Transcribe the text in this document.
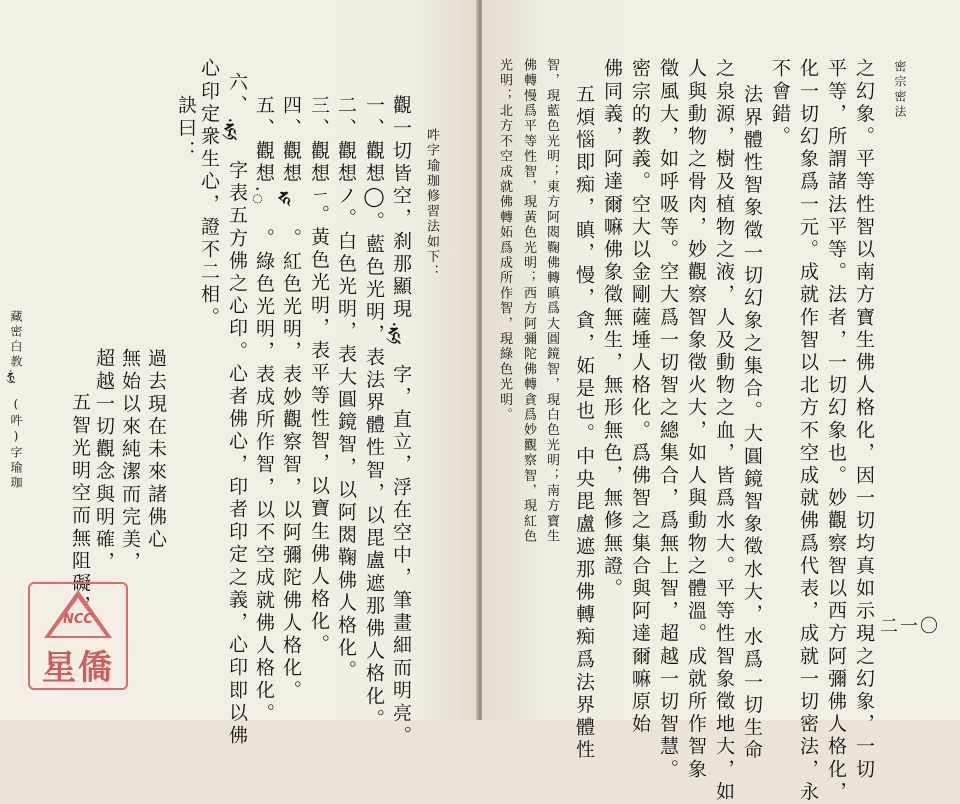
藏密白教𑖮𑖳𑖽(吽)字瑜珈 五智光明空而無阻礙， 超越一切觀念與明確， 無始以來純潔而完美， 過去現在未來諸佛心
訣曰： 心印定衆生心，證不二相。 六、𑖮𑖳𑖽字表五方佛之心印。心者佛心，印者印定之義，心印即以佛 五、觀想𑖽。綠色光明，表成所作智，以不空成就佛人格化。 四、觀想𑖮。紅色光明，表妙觀察智，以阿彌陀佛人格化。 三、觀想ㄧ。黃色光明，表平等性智，以寶生佛人格化。 二、觀想ノ。白色光明，表大圓鏡智，以阿閦鞠佛人格化。 一、觀想◯。藍色光明，表法界體性智，以毘盧遮那佛人格化。 觀一切皆空，刹那顯現𑖮𑖳𑖽字，直立，浮在空中，筆畫細而明亮。 吽字瑜珈修習法如下：
NCC
星僑
光明；北方不空成就佛轉妬爲成所作智，現綠色光明。 佛轉慢爲平等性智，現黃色光明；西方阿彌陀佛轉貪爲妙觀察智，現紅色 智，現藍色光明；東方阿閦鞠佛轉瞋爲大圓鏡智，現白色光明；南方寶生 五煩惱即痴，瞋，慢，貪，妬是也。中央毘盧遮那佛轉痴爲法界體性 佛同義，阿達爾嘛佛象徵無生，無形無色，無修無證。 密宗的教義。空大以金剛薩埵人格化。爲佛智之集合與阿達爾嘛原始 徵風大，如呼吸等。空大爲一切智之總集合，爲無上智，超越一切智慧。 人與動物之骨肉，妙觀察智象徵火大，如人與動物之體溫。成就所作智象 之泉源，樹及植物之液，人及動物之血，皆爲水大。平等性智象徵地大，如 法界體性智象徵一切幻象之集合。大圓鏡智象徵水大，水爲一切生命 不會錯。 化一切幻象爲一元。成就作智以北方不空成就佛爲代表，成就一切密法，永 平等，所謂諸法平等。法者，一切幻象也。妙觀察智以西方阿彌佛人格化， 之幻象。平等性智以南方寶生佛人格化，因一切均真如示現之幻象，一切 密宗密法
二一〇
